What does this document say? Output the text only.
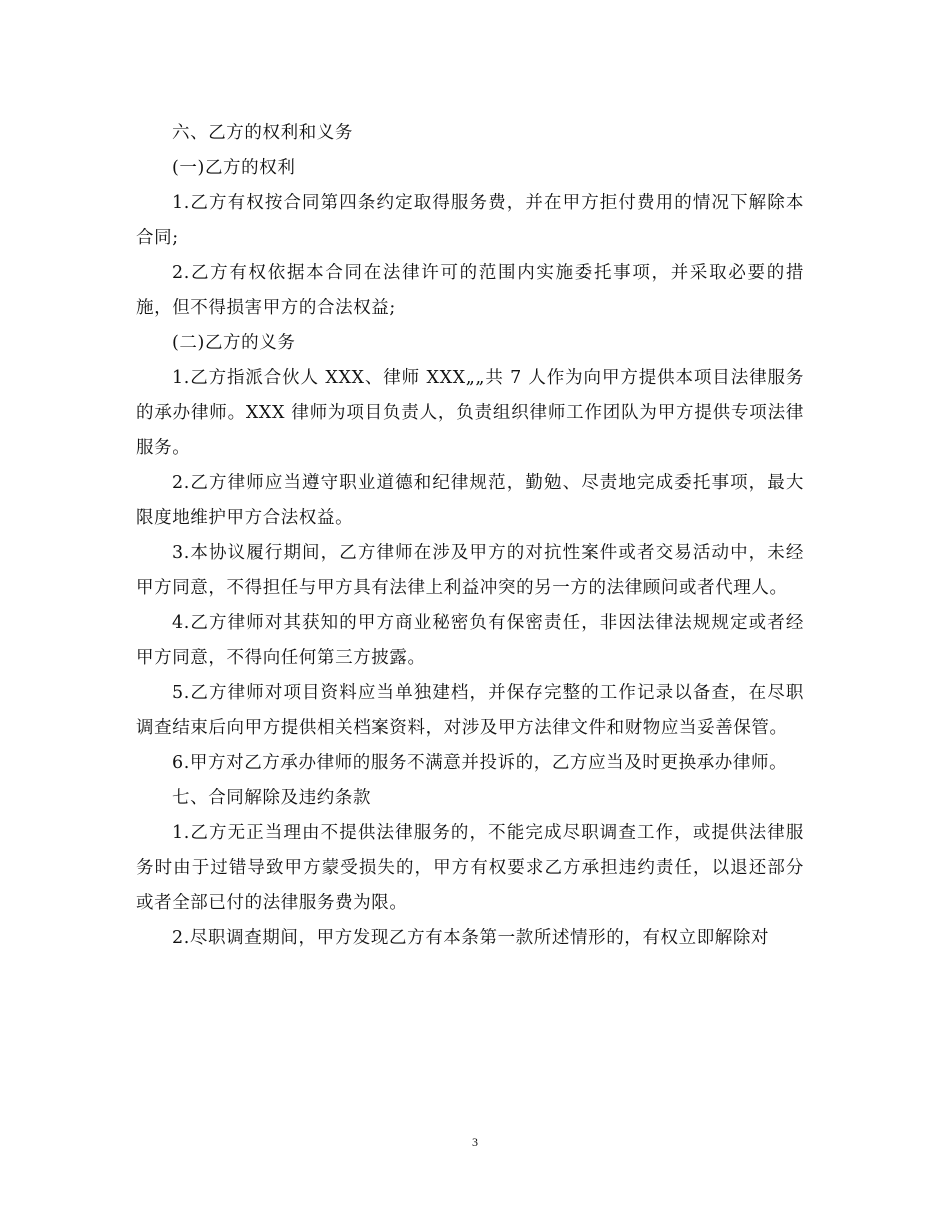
六、乙方的权利和义务

(一)乙方的权利

1.乙方有权按合同第四条约定取得服务费，并在甲方拒付费用的情况下解除本合同;

2.乙方有权依据本合同在法律许可的范围内实施委托事项，并采取必要的措施，但不得损害甲方的合法权益;

(二)乙方的义务

1.乙方指派合伙人 XXX、律师 XXX„„共 7 人作为向甲方提供本项目法律服务的承办律师。XXX 律师为项目负责人，负责组织律师工作团队为甲方提供专项法律服务。

2.乙方律师应当遵守职业道德和纪律规范，勤勉、尽责地完成委托事项，最大限度地维护甲方合法权益。

3.本协议履行期间，乙方律师在涉及甲方的对抗性案件或者交易活动中，未经甲方同意，不得担任与甲方具有法律上利益冲突的另一方的法律顾问或者代理人。

4.乙方律师对其获知的甲方商业秘密负有保密责任，非因法律法规规定或者经甲方同意，不得向任何第三方披露。

5.乙方律师对项目资料应当单独建档，并保存完整的工作记录以备查，在尽职调查结束后向甲方提供相关档案资料，对涉及甲方法律文件和财物应当妥善保管。

6.甲方对乙方承办律师的服务不满意并投诉的，乙方应当及时更换承办律师。

七、合同解除及违约条款

1.乙方无正当理由不提供法律服务的，不能完成尽职调查工作，或提供法律服务时由于过错导致甲方蒙受损失的，甲方有权要求乙方承担违约责任，以退还部分或者全部已付的法律服务费为限。

2.尽职调查期间，甲方发现乙方有本条第一款所述情形的，有权立即解除对

3
